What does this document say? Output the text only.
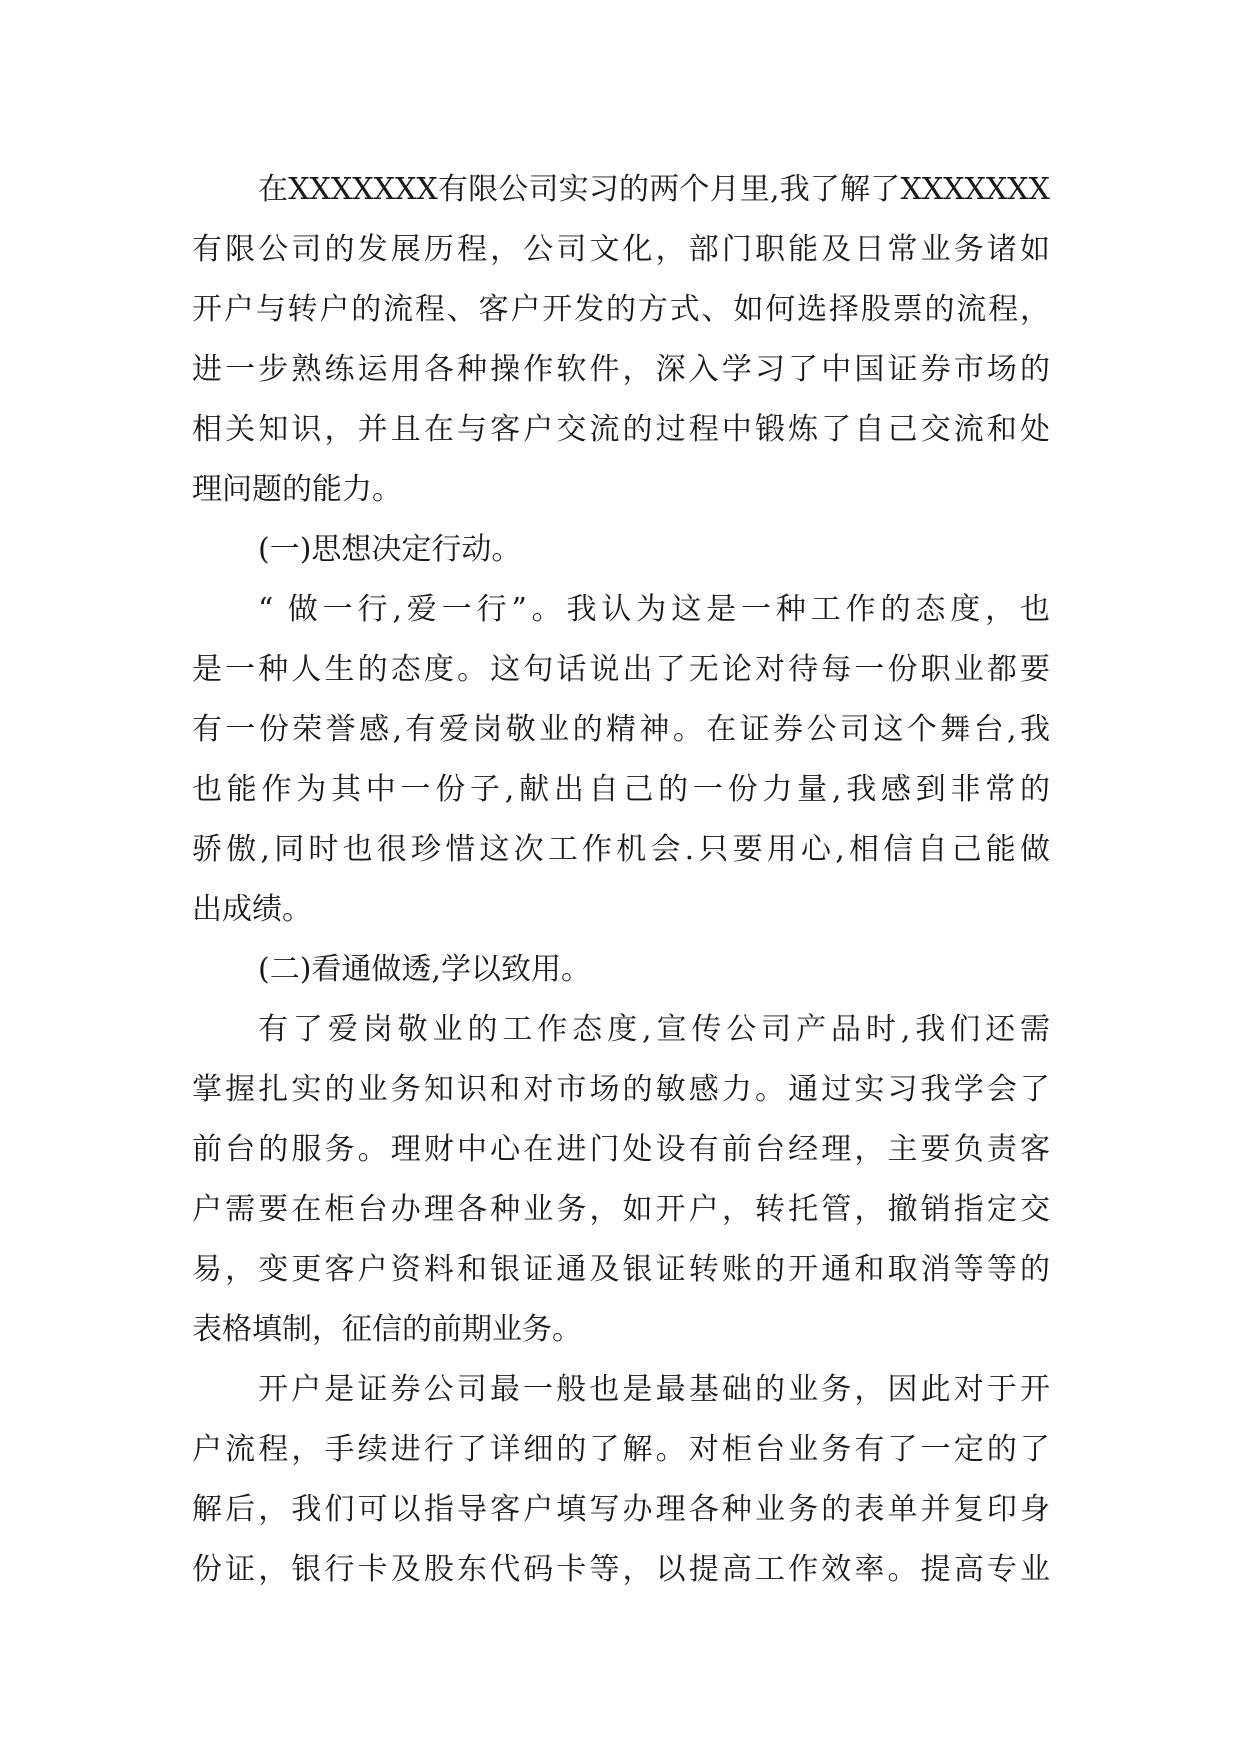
在XXXXXXX有限公司实习的两个月里,我了解了XXXXXXX
有限公司的发展历程，公司文化，部门职能及日常业务诸如
开户与转户的流程、客户开发的方式、如何选择股票的流程，
进一步熟练运用各种操作软件，深入学习了中国证券市场的
相关知识，并且在与客户交流的过程中锻炼了自己交流和处
理问题的能力。
(一)思想决定行动。
“ 做一行,爱一行”。我认为这是一种工作的态度，也
是一种人生的态度。这句话说出了无论对待每一份职业都要
有一份荣誉感,有爱岗敬业的精神。在证券公司这个舞台,我
也能作为其中一份子,献出自己的一份力量,我感到非常的
骄傲,同时也很珍惜这次工作机会.只要用心,相信自己能做
出成绩。
(二)看通做透,学以致用。
有了爱岗敬业的工作态度,宣传公司产品时,我们还需
掌握扎实的业务知识和对市场的敏感力。通过实习我学会了
前台的服务。理财中心在进门处设有前台经理，主要负责客
户需要在柜台办理各种业务，如开户，转托管，撤销指定交
易，变更客户资料和银证通及银证转账的开通和取消等等的
表格填制，征信的前期业务。
开户是证券公司最一般也是最基础的业务，因此对于开
户流程，手续进行了详细的了解。对柜台业务有了一定的了
解后，我们可以指导客户填写办理各种业务的表单并复印身
份证，银行卡及股东代码卡等，以提高工作效率。提高专业
